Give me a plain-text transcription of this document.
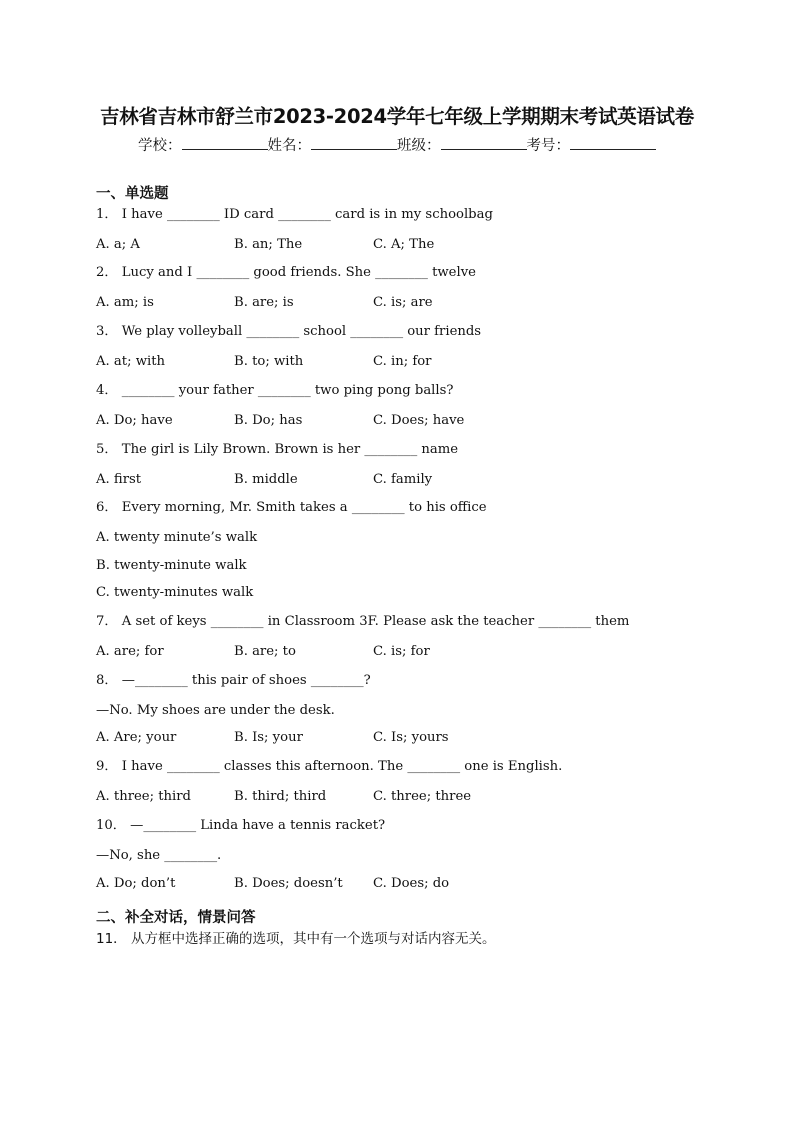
吉林省吉林市舒兰市2023-2024学年七年级上学期期末考试英语试卷
学校：	姓名：	班级：	考号：
一、单选题
1． I have ________ ID card ________ card is in my schoolbag
A. a; A	B. an; The	C. A; The
2． Lucy and I ________ good friends. She ________ twelve
A. am; is	B. are; is	C. is; are
3． We play volleyball ________ school ________ our friends
A. at; with	B. to; with	C. in; for
4． ________ your father ________ two ping pong balls?
A. Do; have	B. Do; has	C. Does; have
5． The girl is Lily Brown. Brown is her ________ name
A. first	B. middle	C. family
6． Every morning, Mr. Smith takes a ________ to his office
A. twenty minute’s walk
B. twenty-minute walk
C. twenty-minutes walk
7． A set of keys ________ in Classroom 3F. Please ask the teacher ________ them
A. are; for	B. are; to	C. is; for
8． —________ this pair of shoes ________?
—No. My shoes are under the desk.
A. Are; your	B. Is; your	C. Is; yours
9． I have ________ classes this afternoon. The ________ one is English.
A. three; third	B. third; third	C. three; three
10． —________ Linda have a tennis racket?
—No, she ________.
A. Do; don’t	B. Does; doesn’t C. Does; do
二、补全对话，情景问答
11． 从方框中选择正确的选项，其中有一个选项与对话内容无关。
